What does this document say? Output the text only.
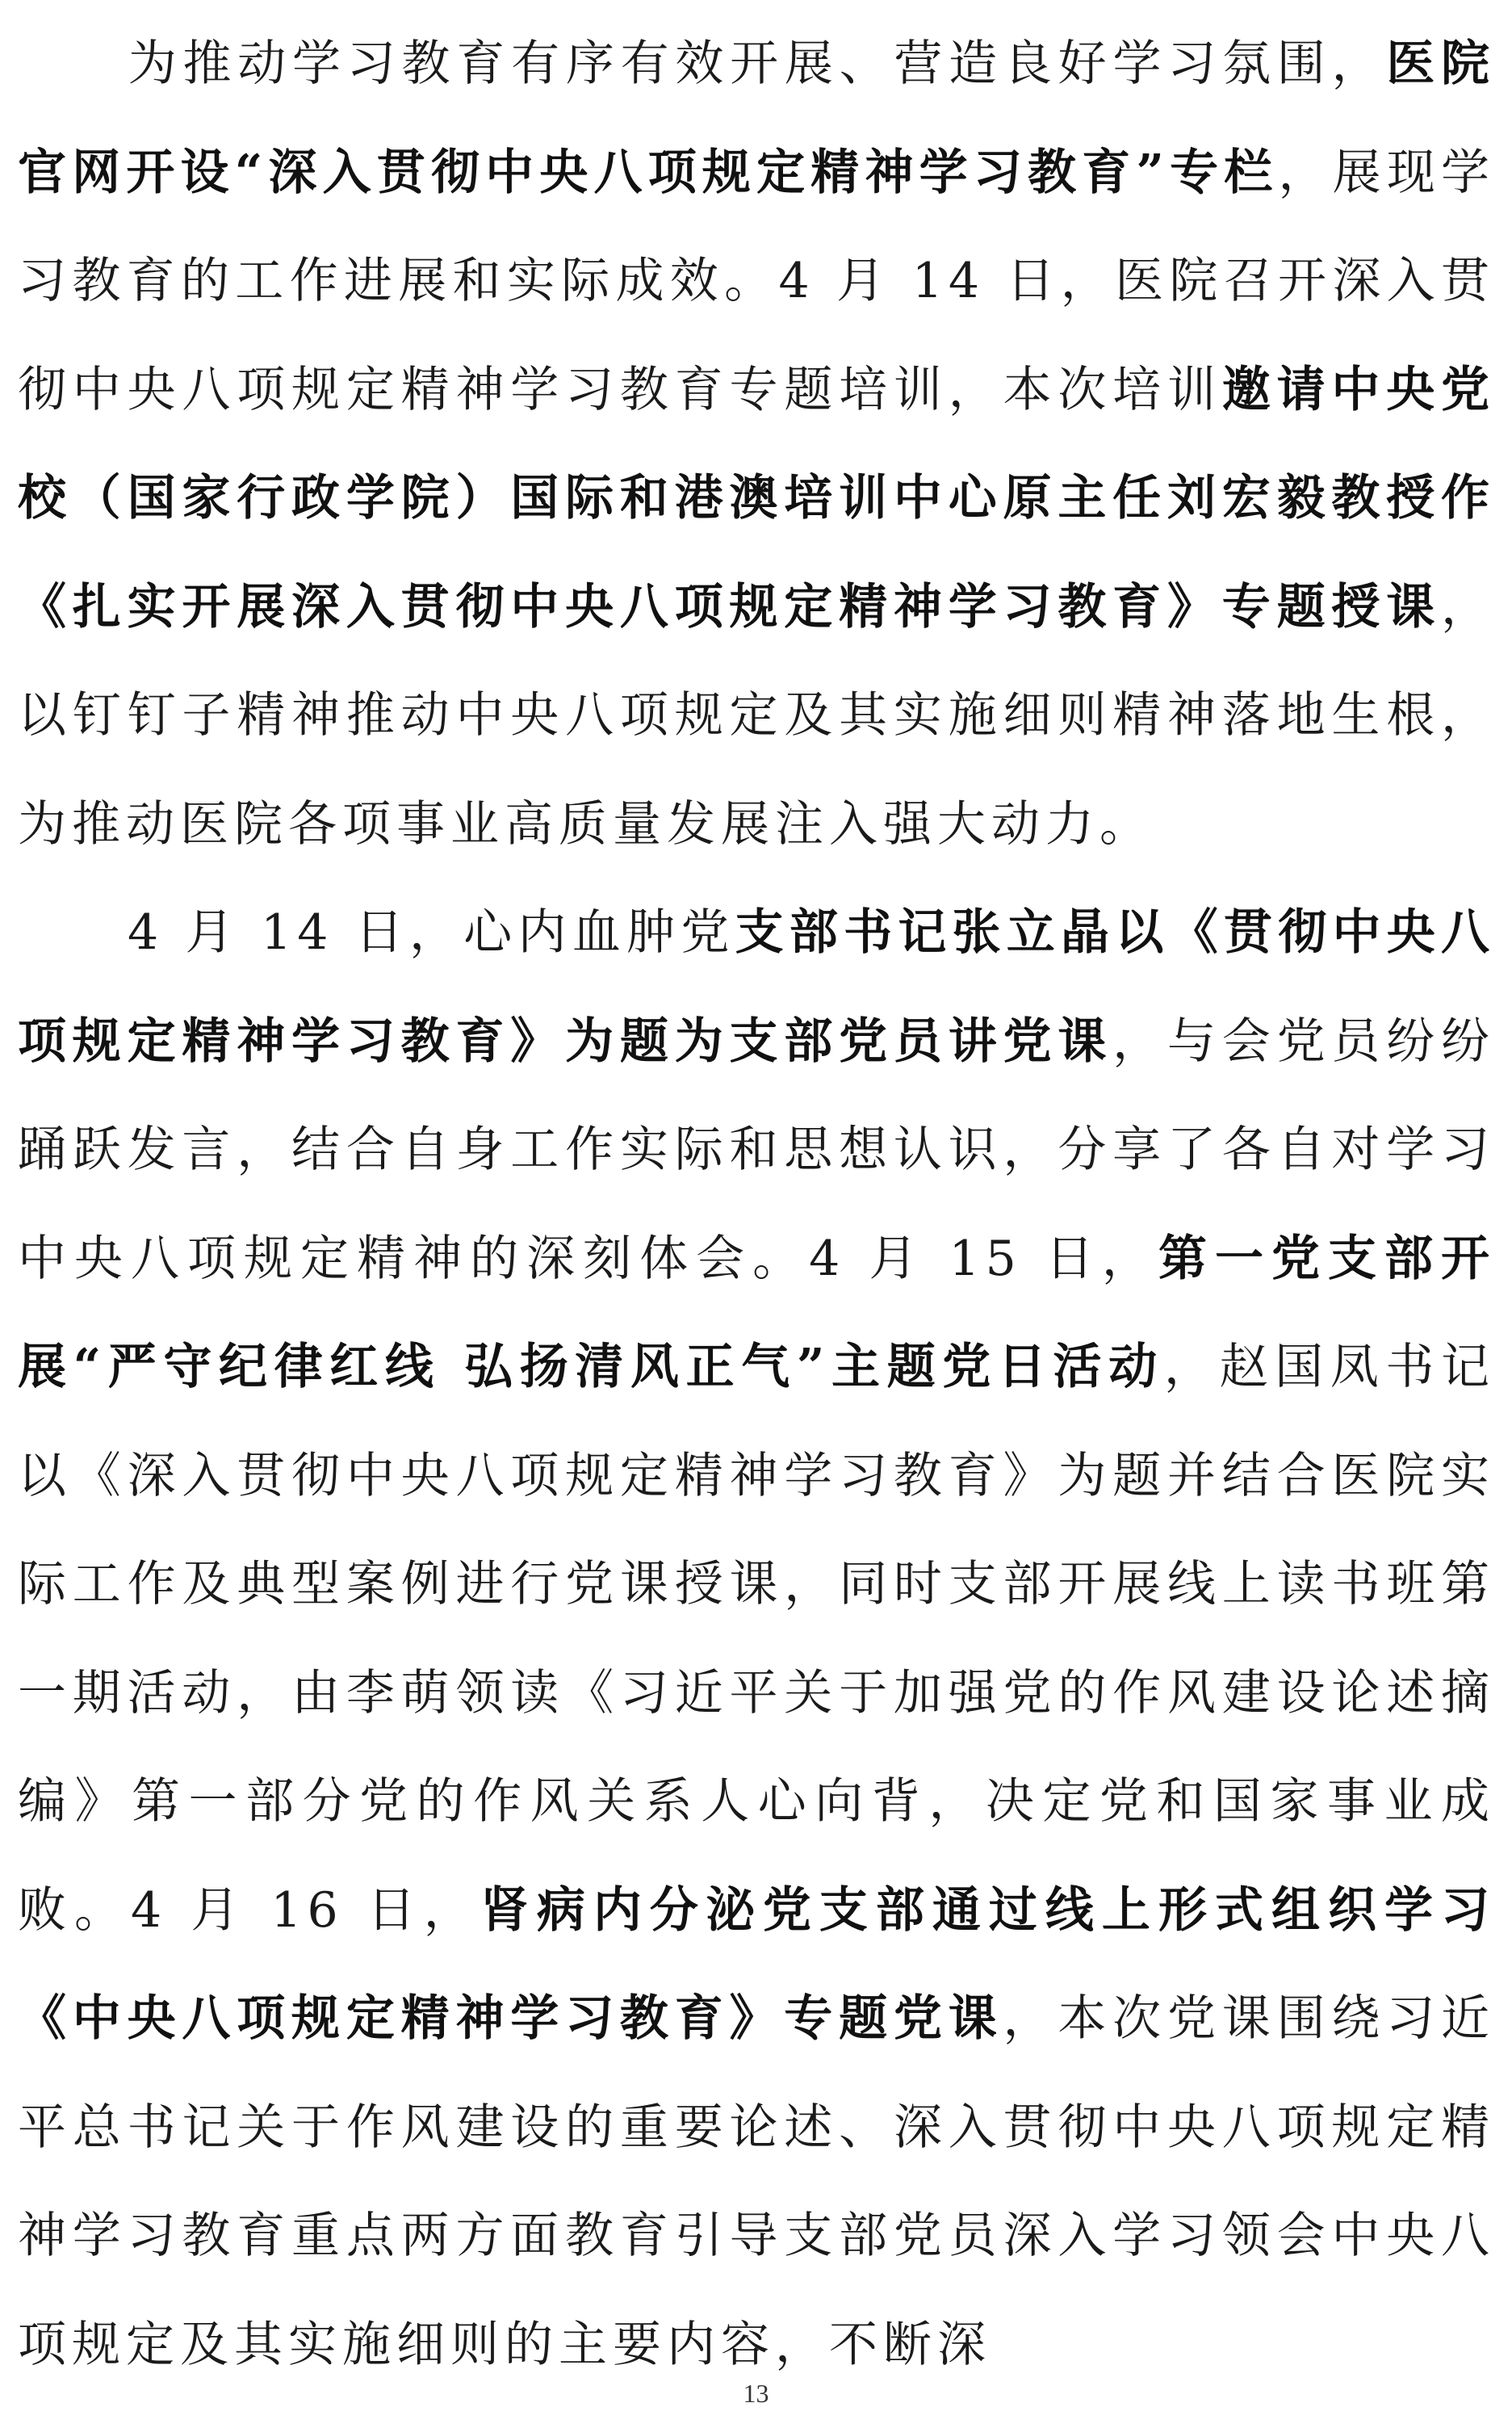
为推动学习教育有序有效开展、营造良好学习氛围，医院官网开设“深入贯彻中央八项规定精神学习教育”专栏，展现学习教育的工作进展和实际成效。4 月 14 日，医院召开深入贯彻中央八项规定精神学习教育专题培训，本次培训邀请中央党校（国家行政学院）国际和港澳培训中心原主任刘宏毅教授作《扎实开展深入贯彻中央八项规定精神学习教育》专题授课，以钉钉子精神推动中央八项规定及其实施细则精神落地生根，为推动医院各项事业高质量发展注入强大动力。

4 月 14 日，心内血肿党支部书记张立晶以《贯彻中央八项规定精神学习教育》为题为支部党员讲党课，与会党员纷纷踊跃发言，结合自身工作实际和思想认识，分享了各自对学习中央八项规定精神的深刻体会。4 月 15 日，第一党支部开展“严守纪律红线 弘扬清风正气”主题党日活动，赵国凤书记以《深入贯彻中央八项规定精神学习教育》为题并结合医院实际工作及典型案例进行党课授课，同时支部开展线上读书班第一期活动，由李萌领读《习近平关于加强党的作风建设论述摘编》第一部分党的作风关系人心向背，决定党和国家事业成败。4 月 16 日，肾病内分泌党支部通过线上形式组织学习《中央八项规定精神学习教育》专题党课，本次党课围绕习近平总书记关于作风建设的重要论述、深入贯彻中央八项规定精神学习教育重点两方面教育引导支部党员深入学习领会中央八项规定及其实施细则的主要内容，不断深

13
